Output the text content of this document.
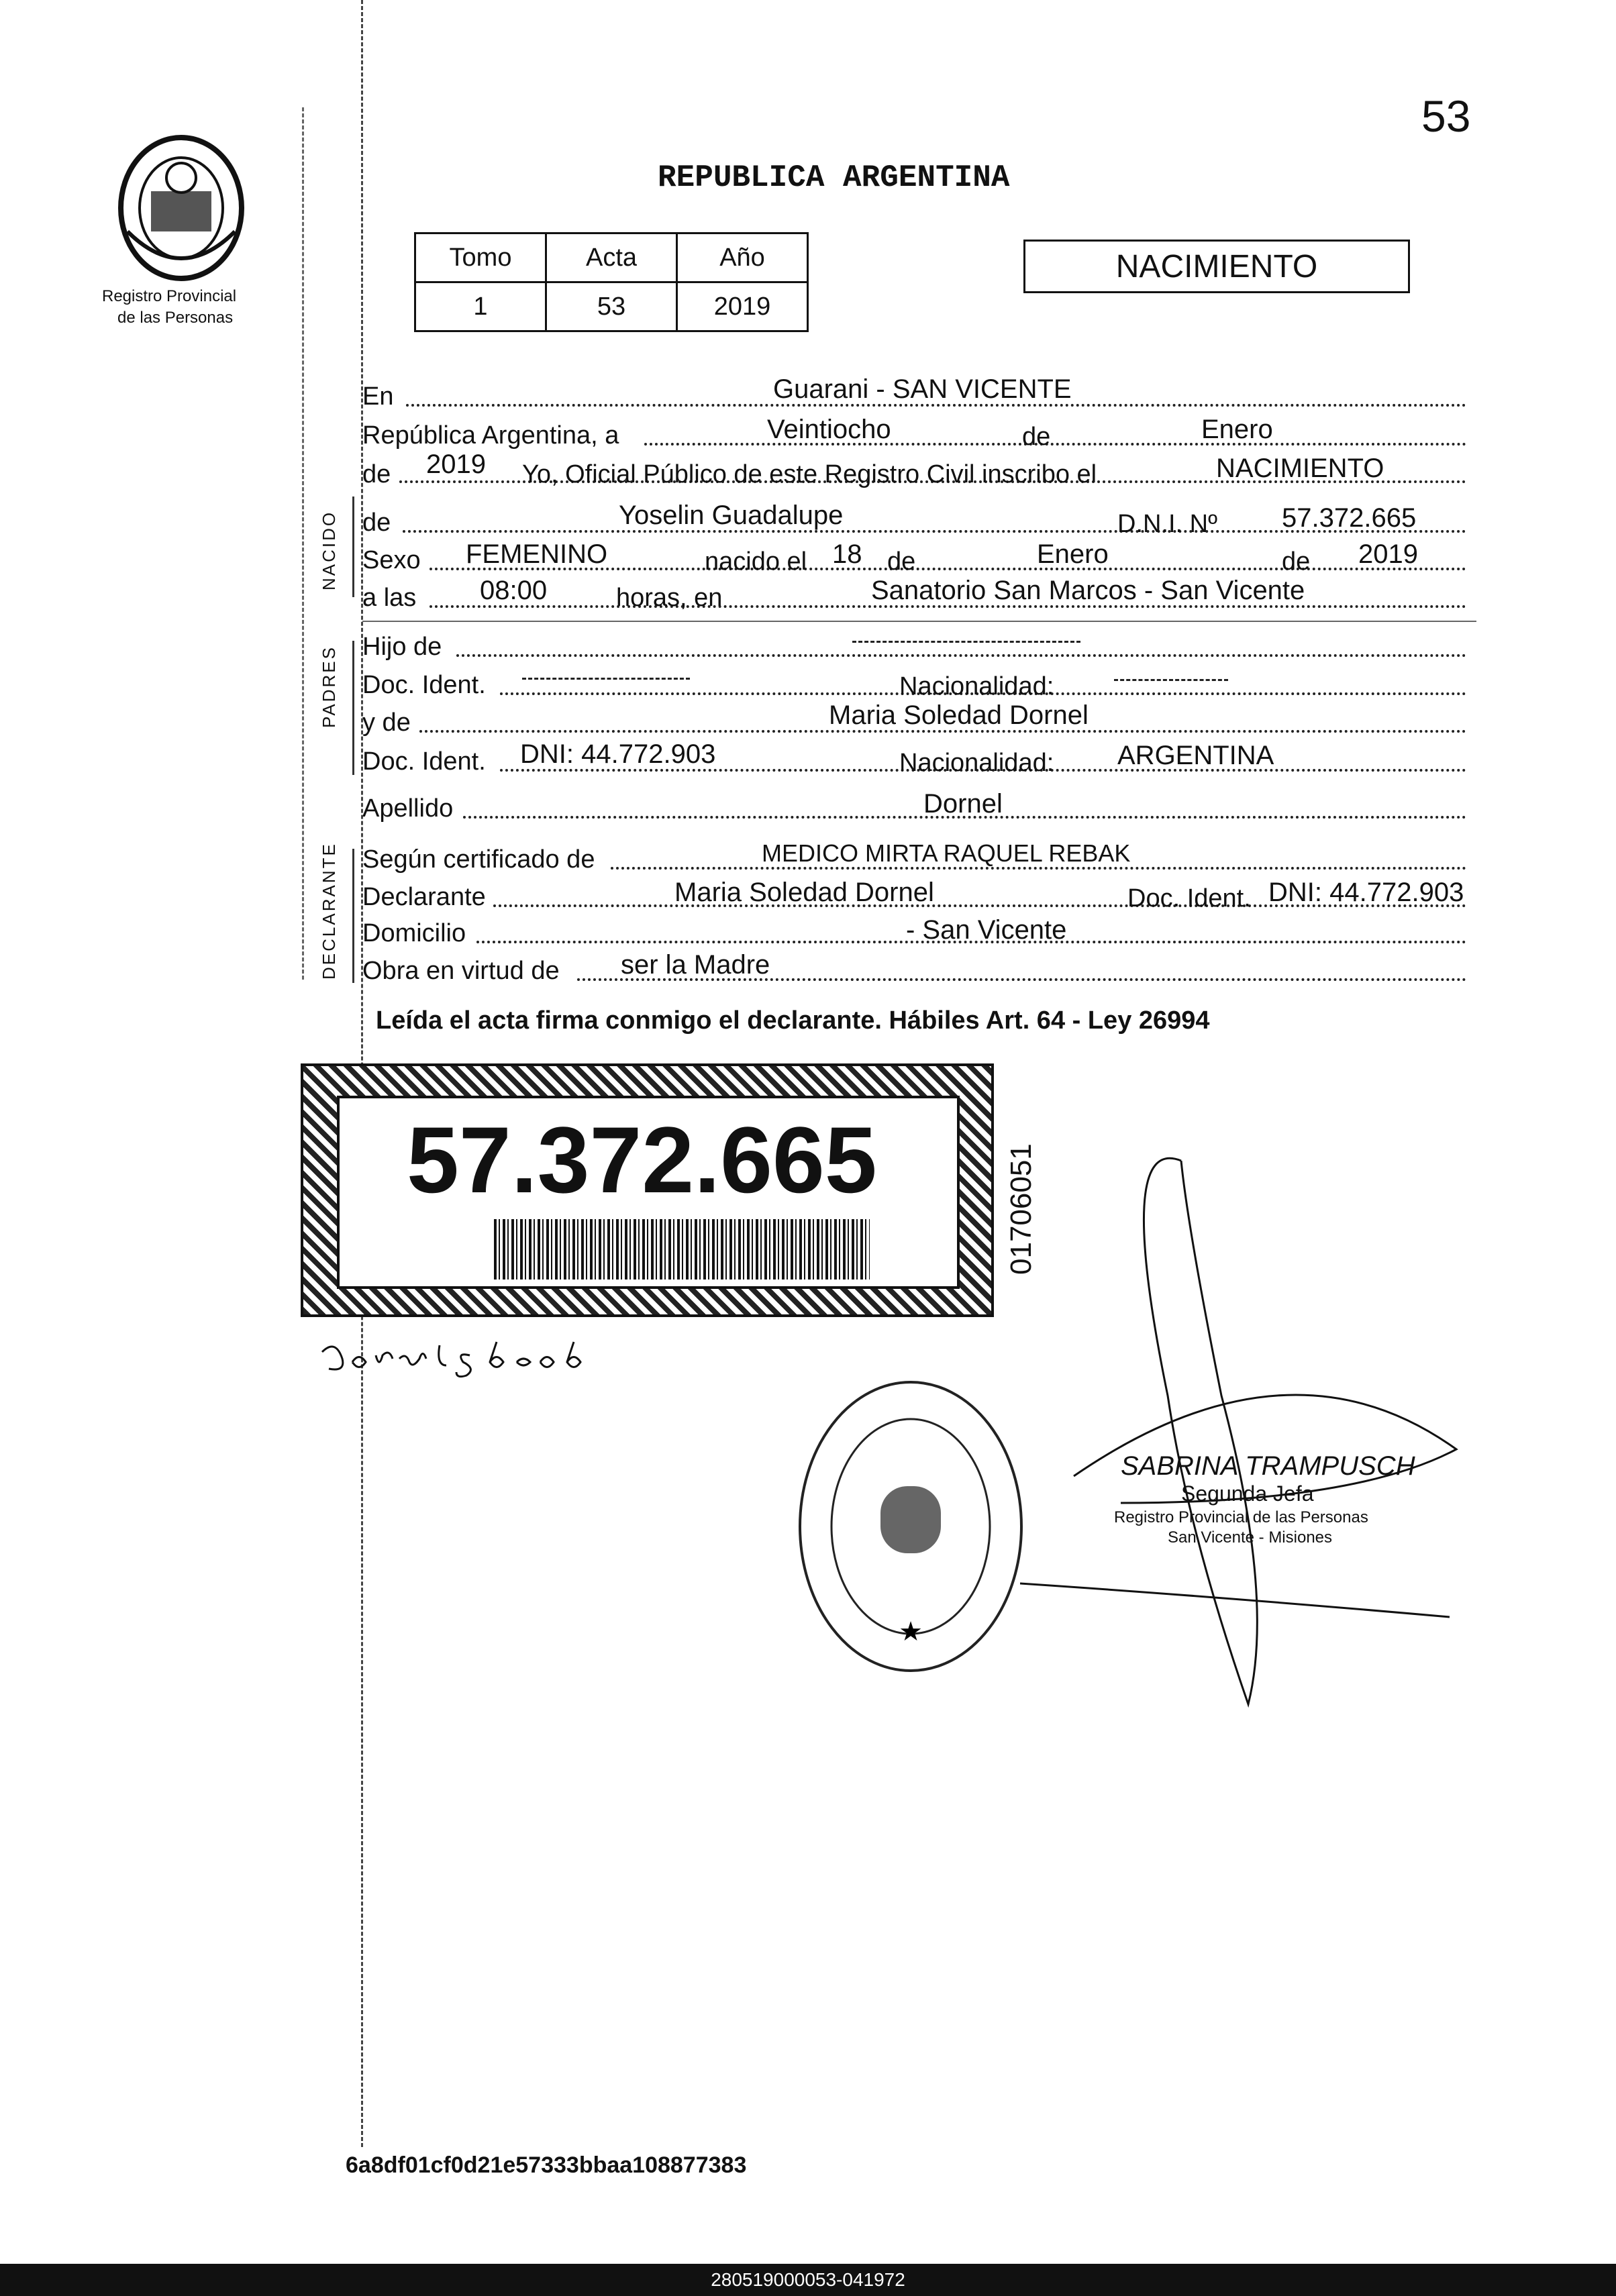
53
Registro Provincial
de las Personas
REPUBLICA ARGENTINA
Tomo	Acta	Año
1	53	2019
NACIMIENTO
NACIDO
PADRES
DECLARANTE
En	Guarani - SAN VICENTE
República Argentina, a	Veintiocho	de	Enero
de 2019 Yo, Oficial Público de este Registro Civil inscribo el	NACIMIENTO
de	Yoselin Guadalupe	D.N.I. Nº 57.372.665
Sexo FEMENINO	nacido el 18 de	Enero	de 2019
a las 08:00	horas, en	Sanatorio San Marcos - San Vicente
Hijo de
Doc. Ident.	Nacionalidad:
y de	Maria Soledad Dornel
Doc. Ident. DNI: 44.772.903	Nacionalidad: ARGENTINA
Apellido	Dornel
Según certificado de	MEDICO MIRTA RAQUEL REBAK
Declarante	Maria Soledad Dornel	Doc. Ident. DNI: 44.772.903
Domicilio	- San Vicente
Obra en virtud de ser la Madre
Leída el acta firma conmigo el declarante. Hábiles Art. 64 - Ley 26994
57.372.665	01706051
★
SABRINA TRAMPUSCH
Segunda Jefa
Registro Provincial de las Personas
San Vicente - Misiones
6a8df01cf0d21e57333bbaa108877383
280519000053-041972
